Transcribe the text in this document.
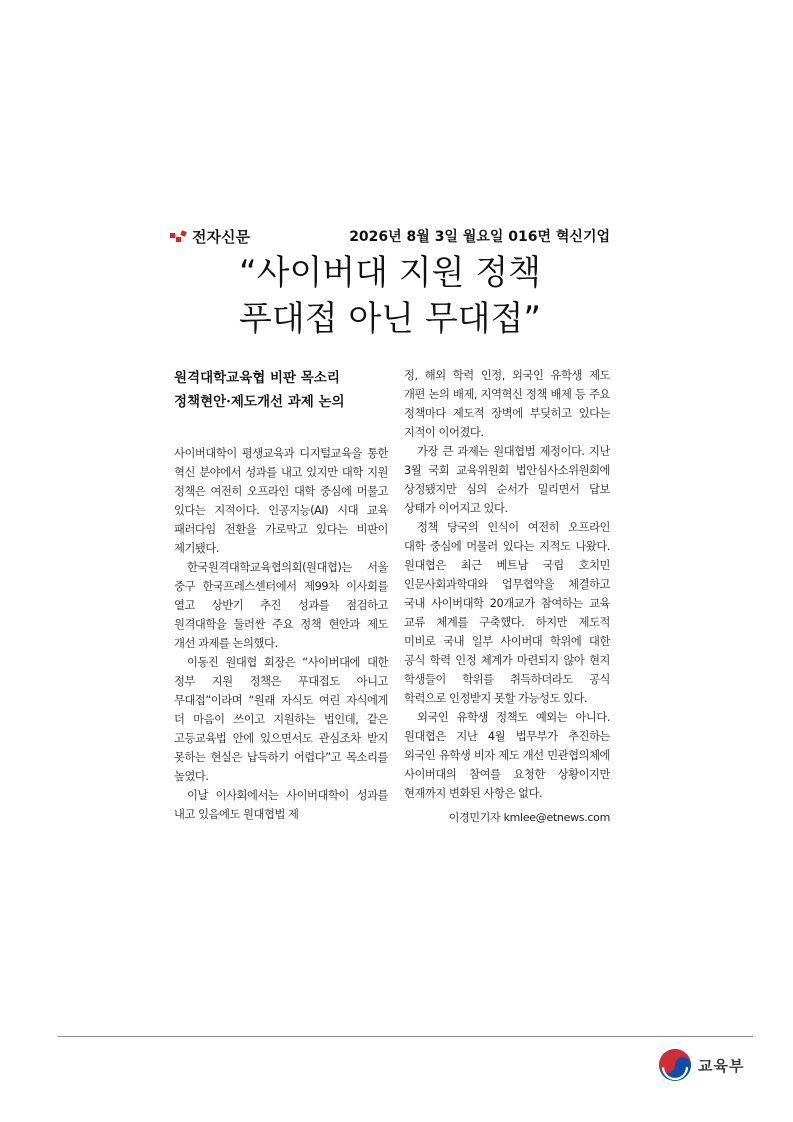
전자신문	2026년 8월 3일 월요일 016면 혁신기업
“사이버대 지원 정책
푸대접 아닌 무대접”
원격대학교육협 비판 목소리
정책현안·제도개선 과제 논의

사이버대학이 평생교육과 디지털교육을 통한 혁신 분야에서 성과를 내고 있지만 대학 지원 정책은 여전히 오프라인 대학 중심에 머물고 있다는 지적이다. 인공지능(AI) 시대 교육 패러다임 전환을 가로막고 있다는 비판이 제기됐다.

한국원격대학교육협의회(원대협)는 서울 중구 한국프레스센터에서 제99차 이사회를 열고 상반기 추진 성과를 점검하고 원격대학을 둘러싼 주요 정책 현안과 제도 개선 과제를 논의했다.

이동진 원대협 회장은 “사이버대에 대한 정부 지원 정책은 푸대접도 아니고 무대접”이라며 “원래 자식도 여린 자식에게 더 마음이 쓰이고 지원하는 법인데, 같은 고등교육법 안에 있으면서도 관심조차 받지 못하는 현실은 납득하기 어렵다”고 목소리를 높였다.

이날 이사회에서는 사이버대학이 성과를 내고 있음에도 원대협법 제

정, 해외 학력 인정, 외국인 유학생 제도 개편 논의 배제, 지역혁신 정책 배제 등 주요 정책마다 제도적 장벽에 부딪히고 있다는 지적이 이어졌다.

가장 큰 과제는 원대협법 제정이다. 지난 3월 국회 교육위원회 법안심사소위원회에 상정됐지만 심의 순서가 밀리면서 답보 상태가 이어지고 있다.

정책 당국의 인식이 여전히 오프라인 대학 중심에 머물러 있다는 지적도 나왔다. 원대협은 최근 베트남 국립 호치민 인문사회과학대와 업무협약을 체결하고 국내 사이버대학 20개교가 참여하는 교육 교류 체계를 구축했다. 하지만 제도적 미비로 국내 일부 사이버대 학위에 대한 공식 학력 인정 체계가 마련되지 않아 현지 학생들이 학위를 취득하더라도 공식 학력으로 인정받지 못할 가능성도 있다.

외국인 유학생 정책도 예외는 아니다. 원대협은 지난 4월 법무부가 추진하는 외국인 유학생 비자 제도 개선 민관협의체에 사이버대의 참여를 요청한 상황이지만 현재까지 변화된 사항은 없다.

이경민기자 kmlee@etnews.com
교육부
